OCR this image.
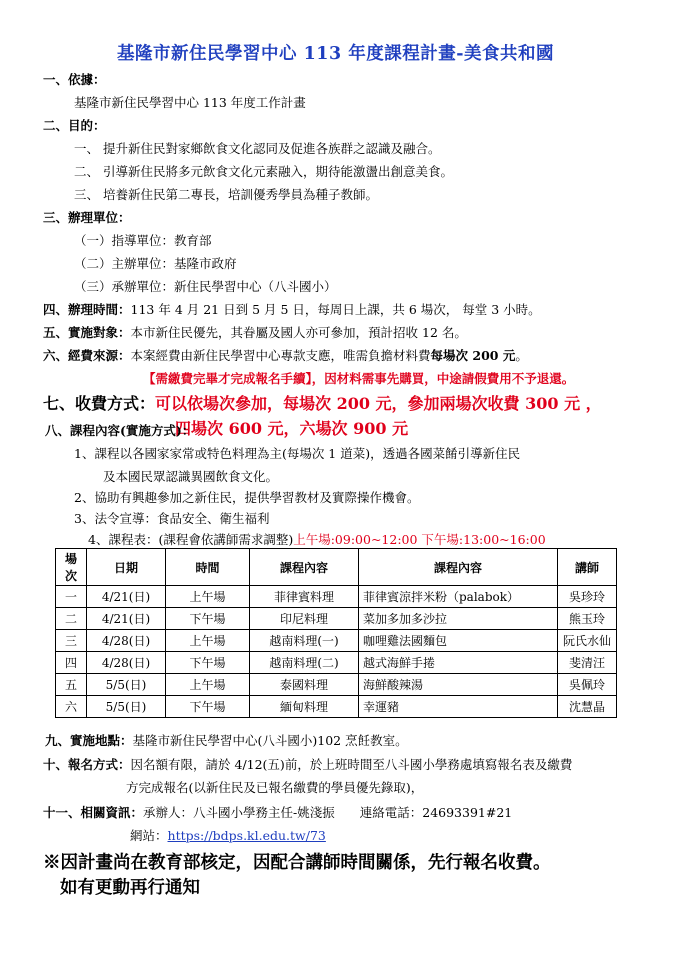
基隆市新住民學習中心 113 年度課程計畫-美食共和國
一、依據：
基隆市新住民學習中心 113 年度工作計畫
二、目的：
一、 提升新住民對家鄉飲食文化認同及促進各族群之認識及融合。
二、 引導新住民將多元飲食文化元素融入，期待能激盪出創意美食。
三、 培養新住民第二專長，培訓優秀學員為種子教師。
三、辦理單位：
（一）指導單位：教育部
（二）主辦單位：基隆市政府
（三）承辦單位：新住民學習中心（八斗國小）
四、辦理時間：113 年 4 月 21 日到 5 月 5 日，每周日上課，共 6 場次， 每堂 3 小時。
五、實施對象：本市新住民優先，其眷屬及國人亦可參加，預計招收 12 名。
六、經費來源：本案經費由新住民學習中心專款支應，唯需負擔材料費每場次 200 元。
【需繳費完畢才完成報名手續】，因材料需事先購買，中途請假費用不予退還。
七、收費方式：可以依場次參加，每場次 200 元，參加兩場次收費 300 元 ，
四場次 600 元，六場次 900 元
八、課程內容(實施方式)：
1、課程以各國家家常或特色料理為主(每場次 1 道菜)，透過各國菜餚引導新住民
及本國民眾認識異國飲食文化。
2、協助有興趣參加之新住民，提供學習教材及實際操作機會。
3、法令宣導：食品安全、衛生福利
4、課程表：(課程會依講師需求調整)上午場:09:00~12:00 下午場:13:00~16:00
場次	日期	時間	課程內容	課程內容	講師
一	4/21(日)	上午場	菲律賓料理	菲律賓涼拌米粉（palabok）	吳珍玲
二	4/21(日)	下午場	印尼料理	菜加多加多沙拉	熊玉玲
三	4/28(日)	上午場	越南料理(一)	咖哩雞法國麵包	阮氏水仙
四	4/28(日)	下午場	越南料理(二)	越式海鮮手捲	斐清汪
五	5/5(日)	上午場	泰國料理	海鮮酸辣湯	吳佩玲
六	5/5(日)	下午場	緬甸料理	幸運豬	沈慧晶
九、實施地點：基隆市新住民學習中心(八斗國小)102 烹飪教室。
十、報名方式：因名額有限，請於 4/12(五)前，於上班時間至八斗國小學務處填寫報名表及繳費
方完成報名(以新住民及已報名繳費的學員優先錄取)，
十一、相關資訊：承辦人：八斗國小學務主任-姚淺振　　連絡電話：24693391#21
網站：https://bdps.kl.edu.tw/73
※因計畫尚在教育部核定，因配合講師時間關係，先行報名收費。
如有更動再行通知
